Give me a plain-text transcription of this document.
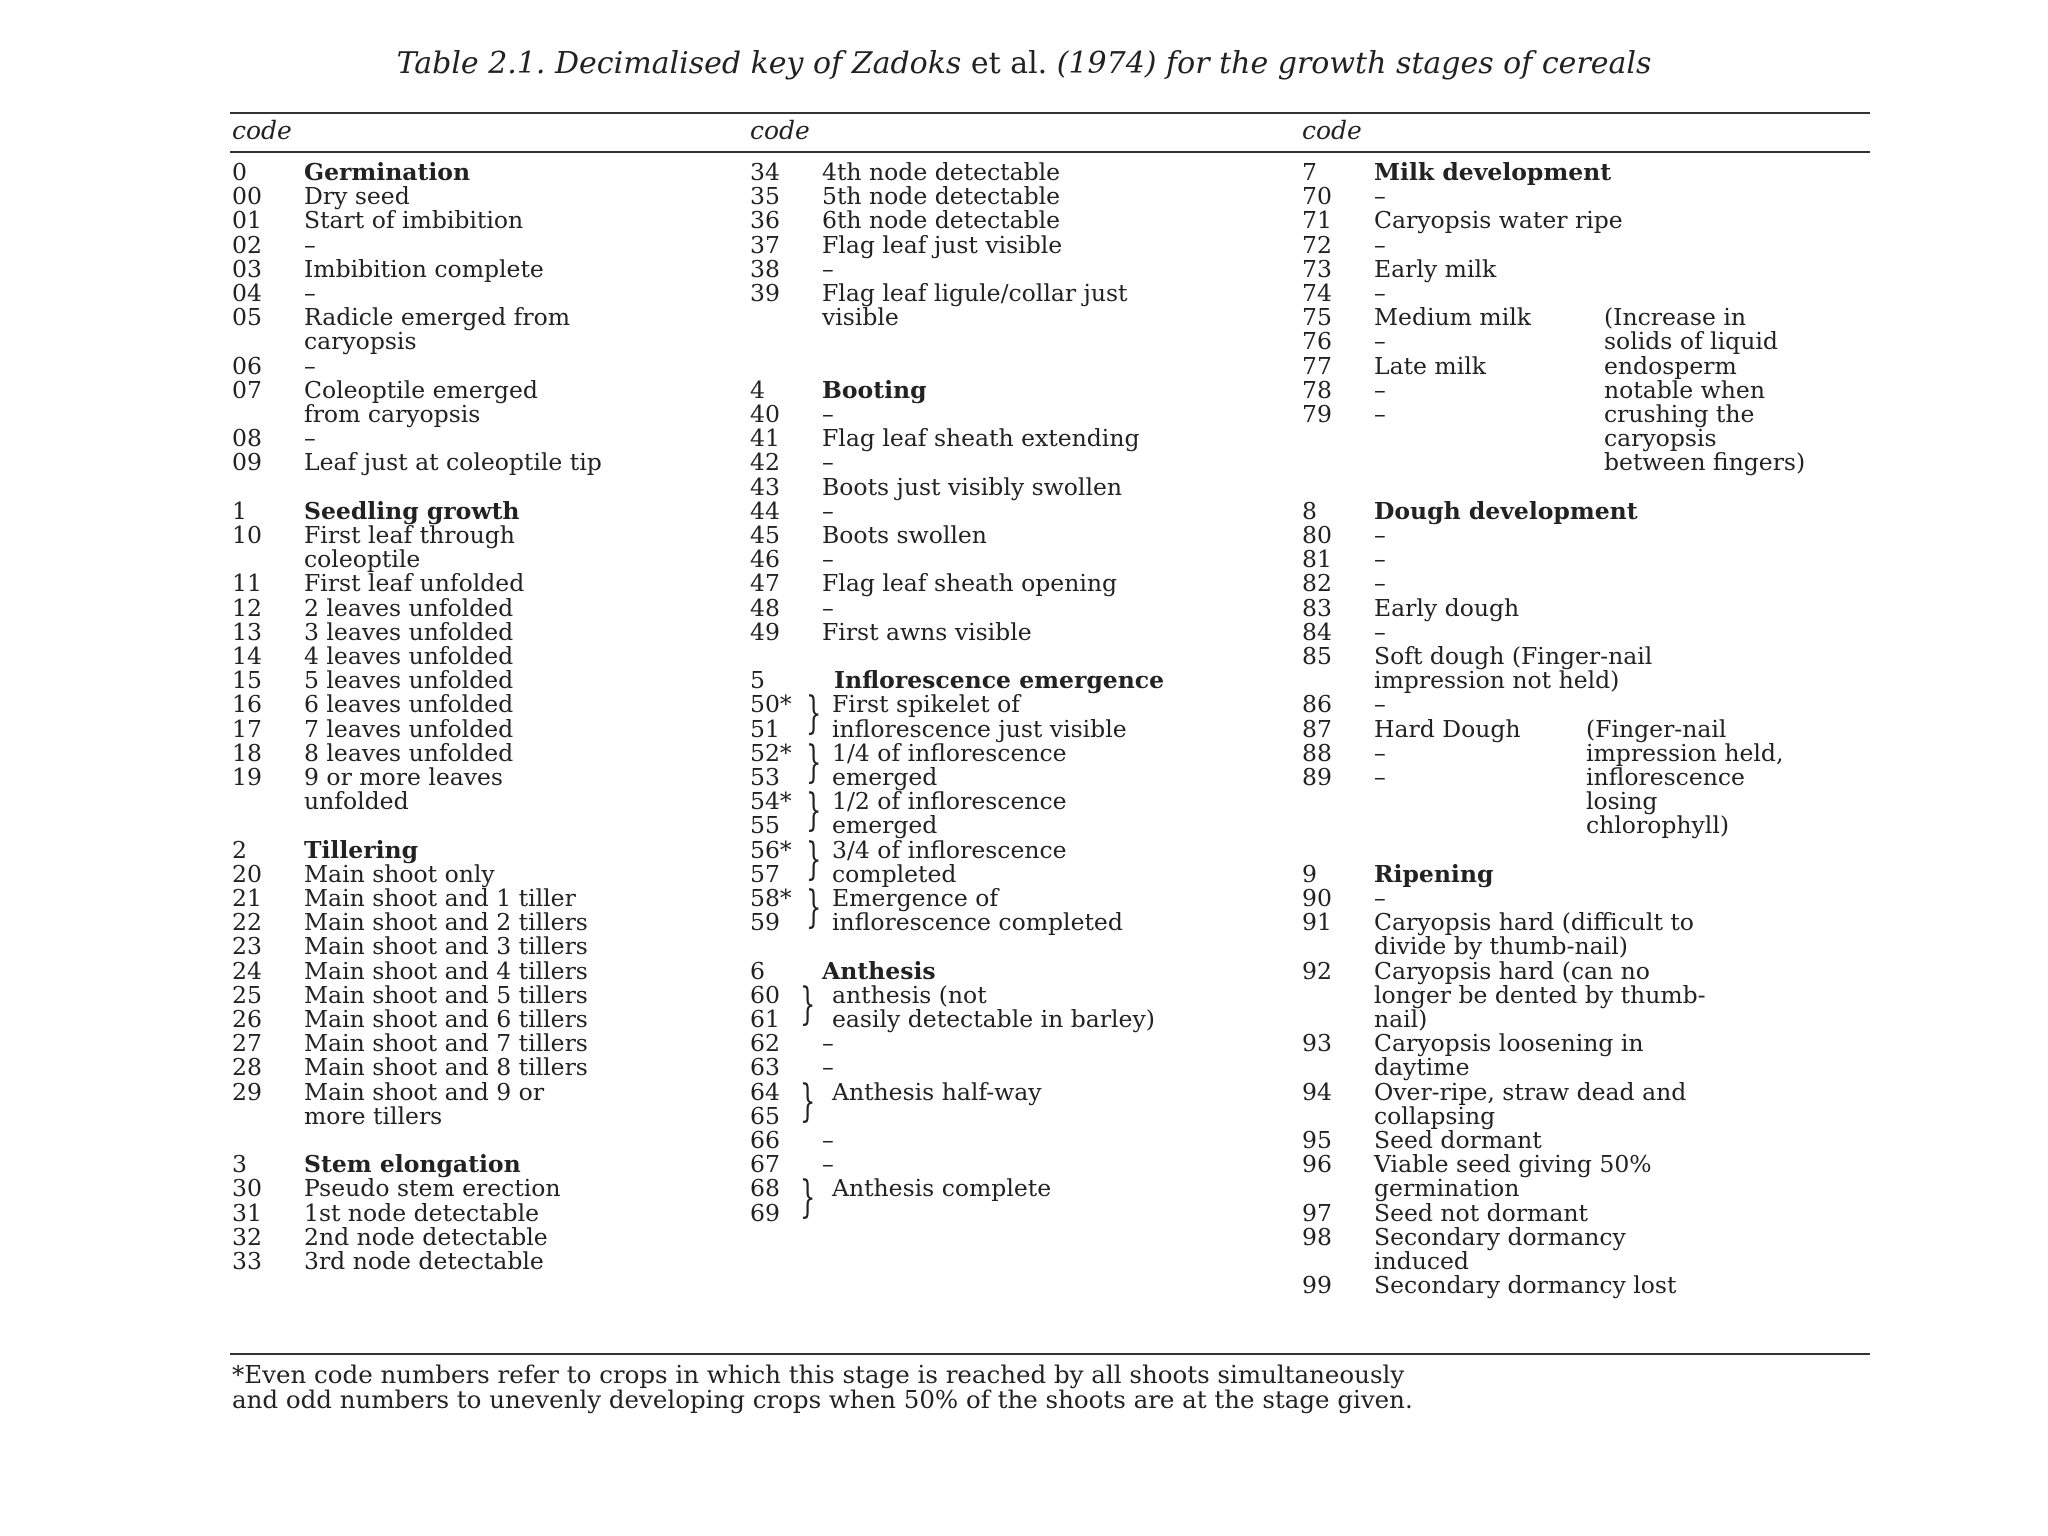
Table 2.1. Decimalised key of Zadoks et al. (1974) for the growth stages of cereals
code	code	code
0 Germination
00 Dry seed
01 Start of imbibition
02 –
03 Imbibition complete
04 –
05 Radicle emerged from
caryopsis
06 –
07 Coleoptile emerged
from caryopsis
08 –
09 Leaf just at coleoptile tip
1 Seedling growth
10 First leaf through
coleoptile
11 First leaf unfolded
12 2 leaves unfolded
13 3 leaves unfolded
14 4 leaves unfolded
15 5 leaves unfolded
16 6 leaves unfolded
17 7 leaves unfolded
18 8 leaves unfolded
19 9 or more leaves
unfolded
2 Tillering
20 Main shoot only
21 Main shoot and 1 tiller
22 Main shoot and 2 tillers
23 Main shoot and 3 tillers
24 Main shoot and 4 tillers
25 Main shoot and 5 tillers
26 Main shoot and 6 tillers
27 Main shoot and 7 tillers
28 Main shoot and 8 tillers
29 Main shoot and 9 or
more tillers
3 Stem elongation
30 Pseudo stem erection
31 1st node detectable
32 2nd node detectable
33 3rd node detectable
34 4th node detectable
35 5th node detectable
36 6th node detectable
37 Flag leaf just visible
38 –
39 Flag leaf ligule/collar just
visible
4 Booting
40 –
41 Flag leaf sheath extending
42 –
43 Boots just visibly swollen
44 –
45 Boots swollen
46 –
47 Flag leaf sheath opening
48 –
49 First awns visible
5	Inflorescence emergence
50* } First spikelet of
51 inflorescence just visible
52* } 1/4 of inflorescence
53 emerged
54* } 1/2 of inflorescence
55 emerged
56* } 3/4 of inflorescence
57 completed
58* } Emergence of
59 inflorescence completed
6 Anthesis
60 } anthesis (not
61 easily detectable in barley)
62 –
63 –
64 } Anthesis half-way
65
66 –
67 –
68 } Anthesis complete
69
7 Milk development
70 –
71 Caryopsis water ripe
72 –
73 Early milk
74 –
75 Medium milk	(Increase in
76 –	solids of liquid
77 Late milk	endosperm
78 –	notable when
79 –	crushing the
caryopsis
between fingers)
8 Dough development
80 –
81 –
82 –
83 Early dough
84 –
85 Soft dough (Finger-nail
impression not held)
86 –
87 Hard Dough	(Finger-nail
88 –	impression held,
89 –	inflorescence
losing
chlorophyll)
9 Ripening
90 –
91 Caryopsis hard (difficult to
divide by thumb-nail)
92 Caryopsis hard (can no
longer be dented by thumb-
nail)
93 Caryopsis loosening in
daytime
94 Over-ripe, straw dead and
collapsing
95 Seed dormant
96 Viable seed giving 50%
germination
97 Seed not dormant
98 Secondary dormancy
induced
99 Secondary dormancy lost
*Even code numbers refer to crops in which this stage is reached by all shoots simultaneously
and odd numbers to unevenly developing crops when 50% of the shoots are at the stage given.
